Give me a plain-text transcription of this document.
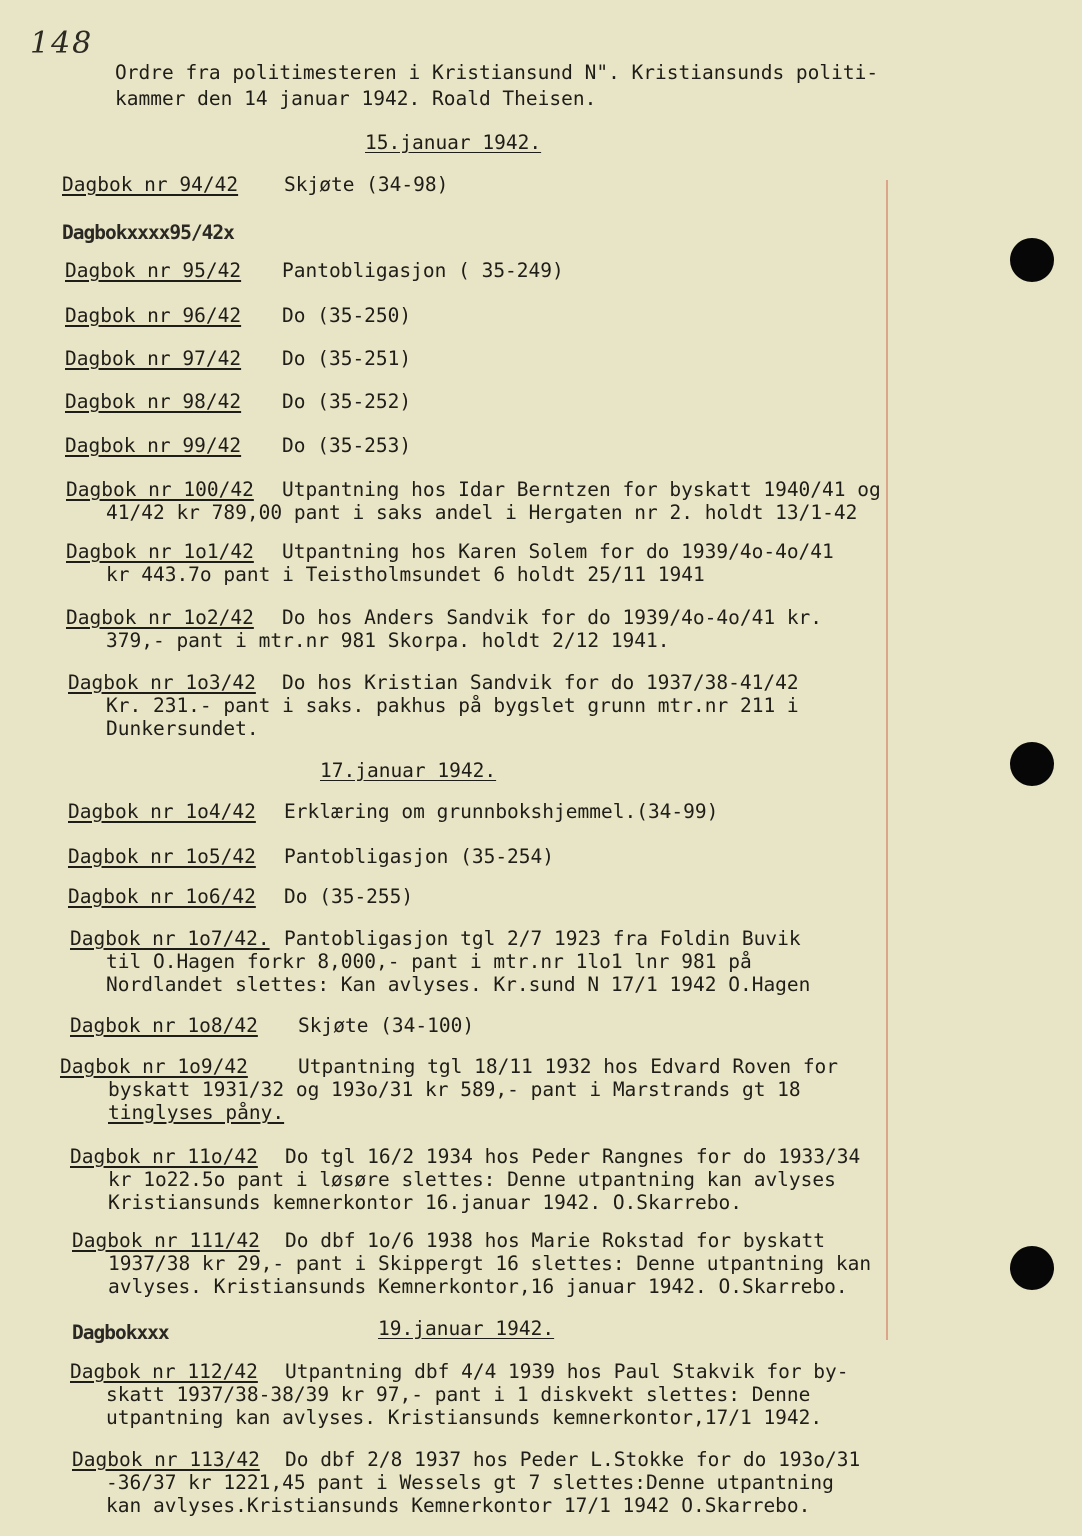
148
Ordre fra politimesteren i Kristiansund N". Kristiansunds politi-
kammer den 14 januar 1942. Roald Theisen.
15.januar 1942.
Dagbokxxxx95/42x
17.januar 1942.
Dagbokxxx	19.januar 1942.
Dagbok nr 94/42 Skjøte (34-98)
Dagbok nr 95/42 Pantobligasjon ( 35-249)
Dagbok nr 96/42 Do (35-250)
Dagbok nr 97/42 Do (35-251)
Dagbok nr 98/42 Do (35-252)
Dagbok nr 99/42 Do (35-253)
Dagbok nr 100/42 Utpantning hos Idar Berntzen for byskatt 1940/41 og
41/42 kr 789,00 pant i saks andel i Hergaten nr 2. holdt 13/1-42
Dagbok nr 1o1/42 Utpantning hos Karen Solem for do 1939/4o-4o/41
kr 443.7o pant i Teistholmsundet 6 holdt 25/11 1941
Dagbok nr 1o2/42 Do hos Anders Sandvik for do 1939/4o-4o/41 kr.
379,- pant i mtr.nr 981 Skorpa. holdt 2/12 1941.
Dagbok nr 1o3/42 Do hos Kristian Sandvik for do 1937/38-41/42
Kr. 231.- pant i saks. pakhus på bygslet grunn mtr.nr 211 i
Dunkersundet.
Dagbok nr 1o4/42 Erklæring om grunnbokshjemmel.(34-99)
Dagbok nr 1o5/42 Pantobligasjon (35-254)
Dagbok nr 1o6/42 Do (35-255)
Dagbok nr 1o7/42. Pantobligasjon tgl 2/7 1923 fra Foldin Buvik
til O.Hagen forkr 8,000,- pant i mtr.nr 1lo1 lnr 981 på
Nordlandet slettes: Kan avlyses. Kr.sund N 17/1 1942 O.Hagen
Dagbok nr 1o8/42 Skjøte (34-100)
Dagbok nr 1o9/42	Utpantning tgl 18/11 1932 hos Edvard Roven for
byskatt 1931/32 og 193o/31 kr 589,- pant i Marstrands gt 18
tinglyses påny.
Dagbok nr 11o/42 Do tgl 16/2 1934 hos Peder Rangnes for do 1933/34
kr 1o22.5o pant i løsøre slettes: Denne utpantning kan avlyses
Kristiansunds kemnerkontor 16.januar 1942. O.Skarrebo.
Dagbok nr 111/42 Do dbf 1o/6 1938 hos Marie Rokstad for byskatt
1937/38 kr 29,- pant i Skippergt 16 slettes: Denne utpantning kan
avlyses. Kristiansunds Kemnerkontor,16 januar 1942. O.Skarrebo.
Dagbok nr 112/42 Utpantning dbf 4/4 1939 hos Paul Stakvik for by-
skatt 1937/38-38/39 kr 97,- pant i 1 diskvekt slettes: Denne
utpantning kan avlyses. Kristiansunds kemnerkontor,17/1 1942.
Dagbok nr 113/42 Do dbf 2/8 1937 hos Peder L.Stokke for do 193o/31
-36/37 kr 1221,45 pant i Wessels gt 7 slettes:Denne utpantning
kan avlyses.Kristiansunds Kemnerkontor 17/1 1942 O.Skarrebo.
